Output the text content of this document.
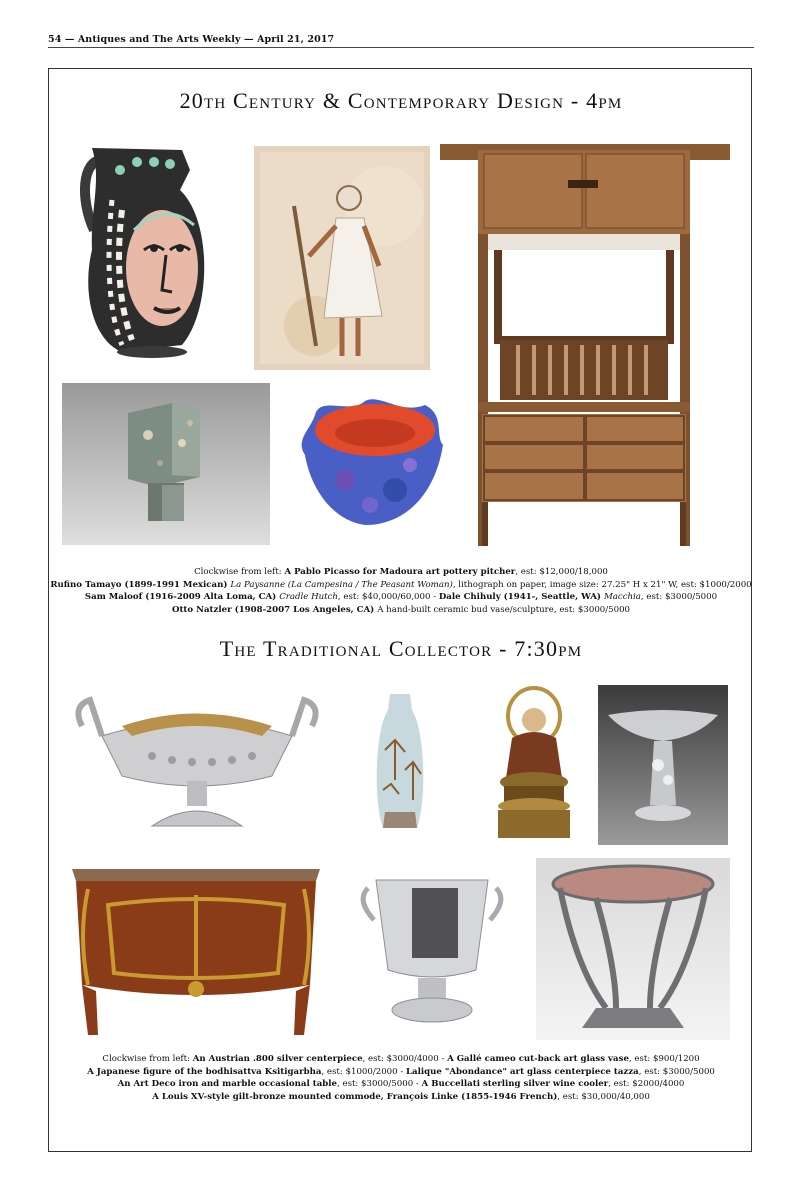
54 — Antiques and The Arts Weekly — April 21, 2017
20th Century & Contemporary Design - 4pm

Clockwise from left: A Pablo Picasso for Madoura art pottery pitcher, est: $12,000/18,000

Rufino Tamayo (1899-1991 Mexican) La Paysanne (La Campesina / The Peasant Woman), lithograph on paper, image size: 27.25" H x 21" W, est: $1000/2000

Sam Maloof (1916-2009 Alta Loma, CA) Cradle Hutch, est: $40,000/60,000 - Dale Chihuly (1941-, Seattle, WA) Macchia, est: $3000/5000

Otto Natzler (1908-2007 Los Angeles, CA) A hand-built ceramic bud vase/sculpture, est: $3000/5000

The Traditional Collector - 7:30pm

Clockwise from left: An Austrian .800 silver centerpiece, est: $3000/4000 - A Gallé cameo cut-back art glass vase, est: $900/1200

A Japanese figure of the bodhisattva Ksitigarbha, est: $1000/2000 - Lalique "Abondance" art glass centerpiece tazza, est: $3000/5000

An Art Deco iron and marble occasional table, est: $3000/5000 - A Buccellati sterling silver wine cooler, est: $2000/4000

A Louis XV-style gilt-bronze mounted commode, François Linke (1855-1946 French), est: $30,000/40,000
